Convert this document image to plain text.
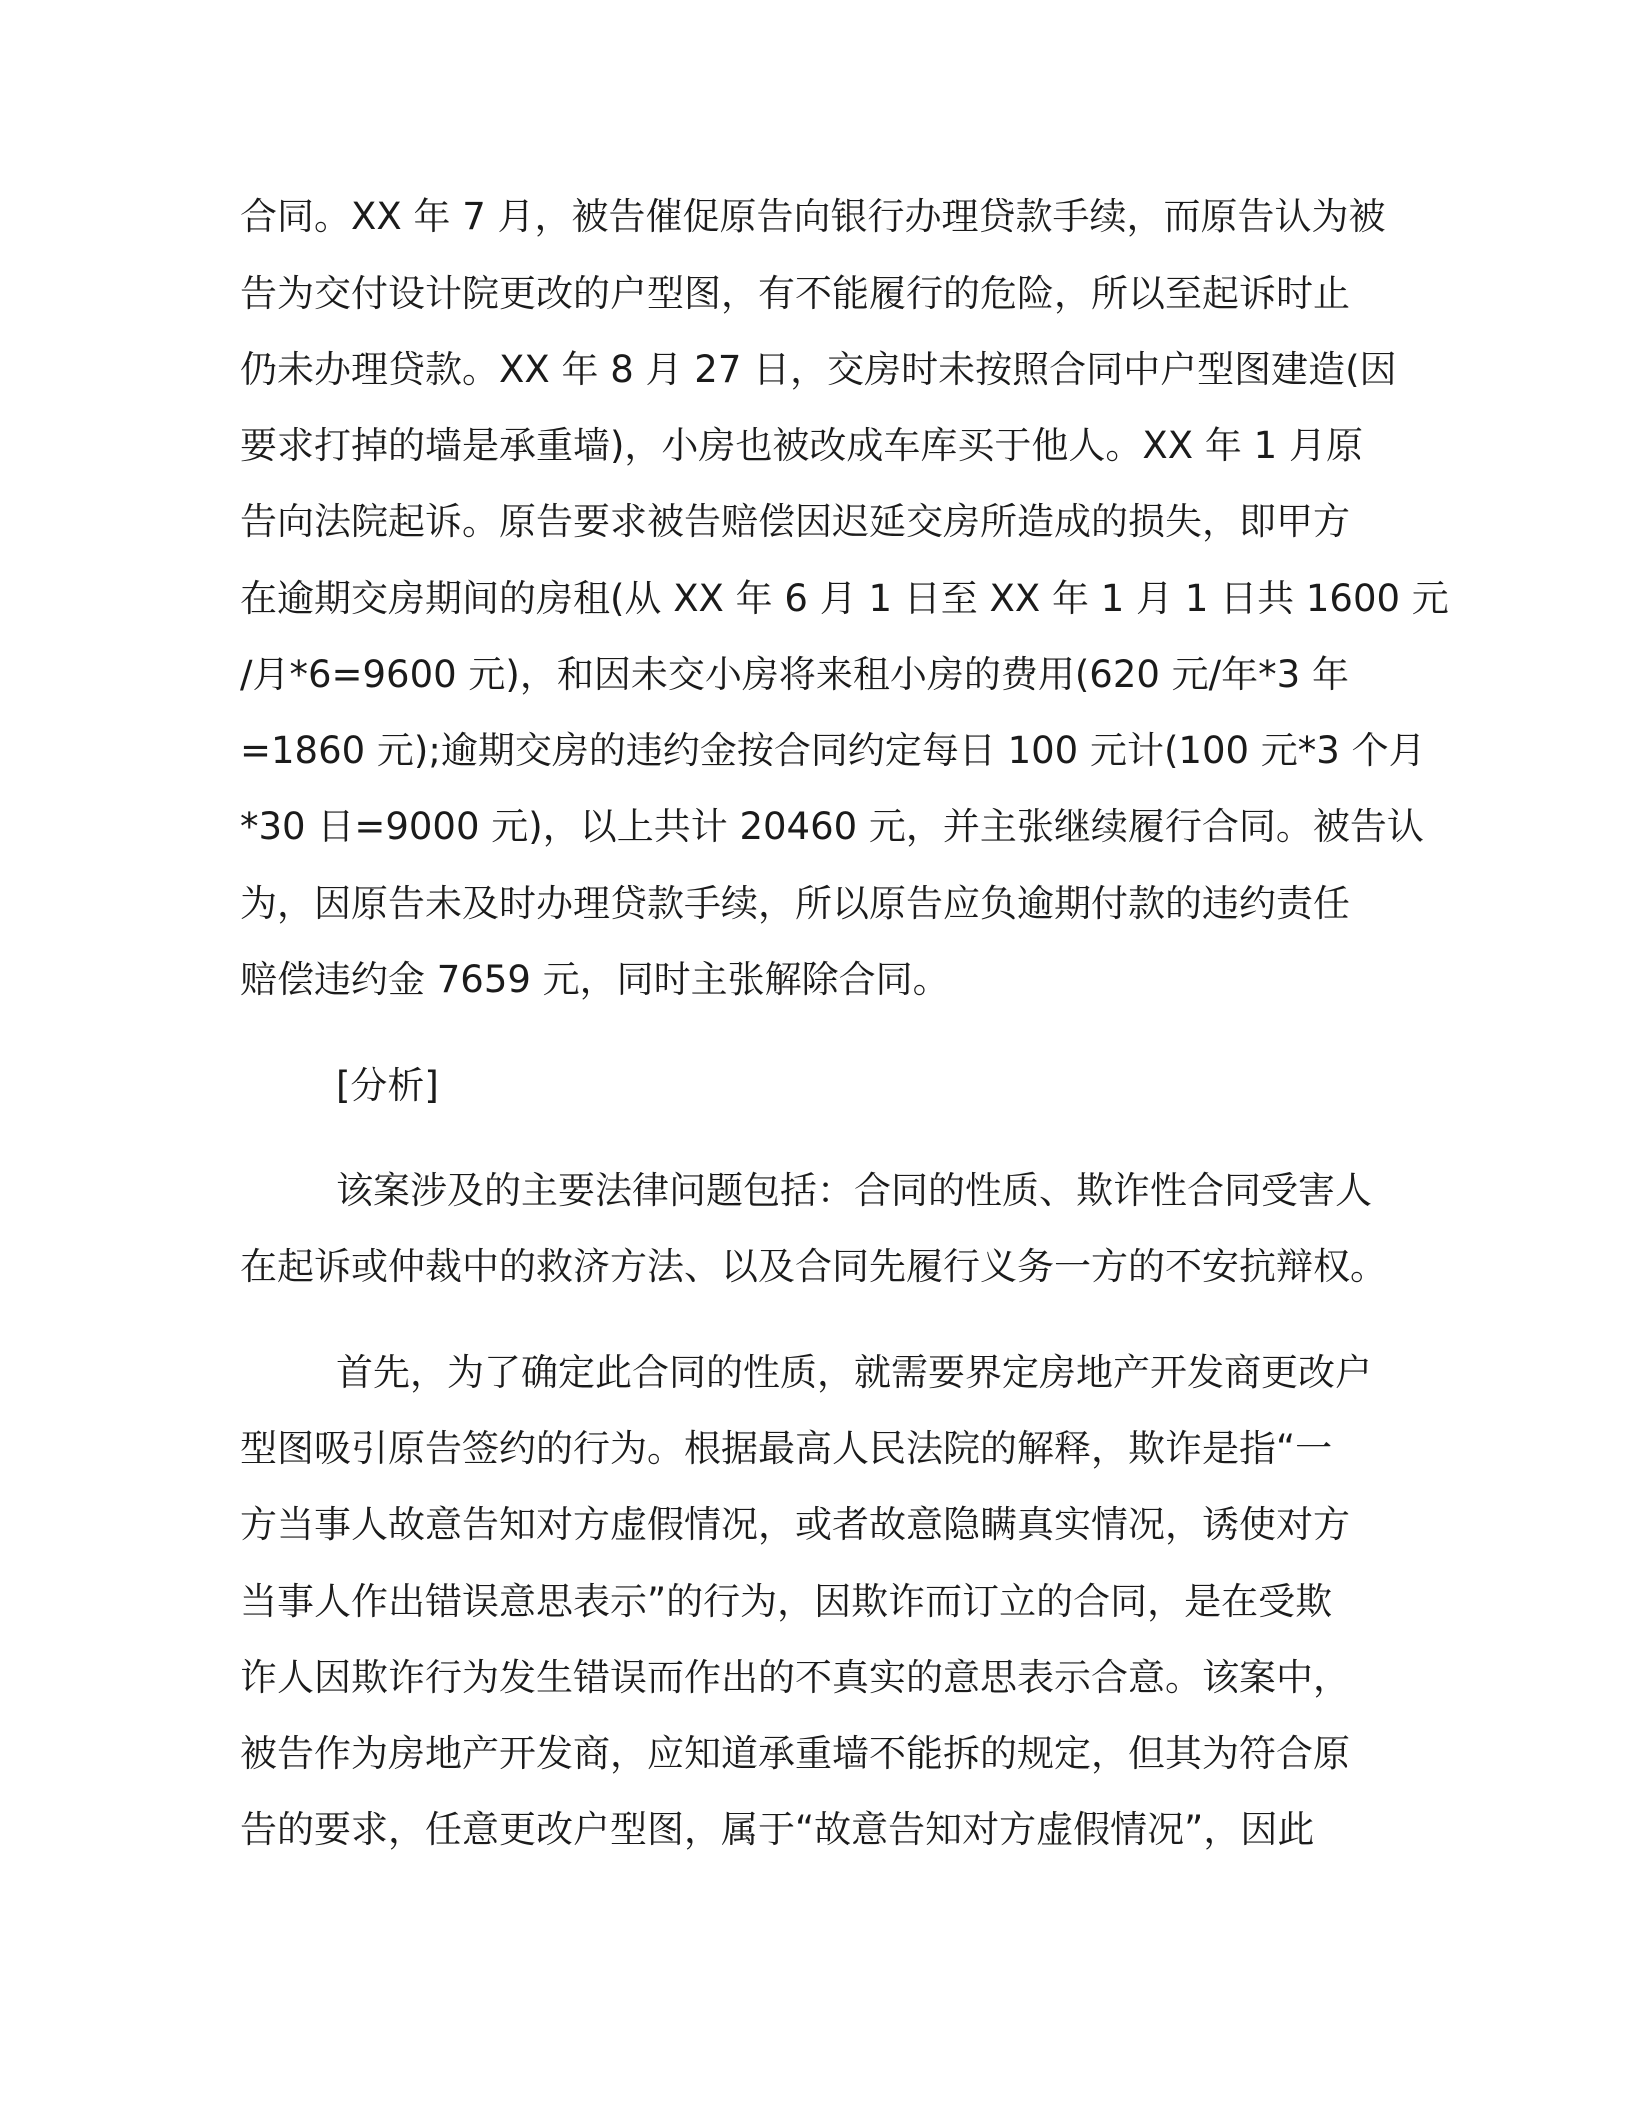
合同。XX 年 7 月，被告催促原告向银行办理贷款手续，而原告认为被

告为交付设计院更改的户型图，有不能履行的危险，所以至起诉时止

仍未办理贷款。XX 年 8 月 27 日，交房时未按照合同中户型图建造(因

要求打掉的墙是承重墙)，小房也被改成车库买于他人。XX 年 1 月原

告向法院起诉。原告要求被告赔偿因迟延交房所造成的损失，即甲方

在逾期交房期间的房租(从 XX 年 6 月 1 日至 XX 年 1 月 1 日共 1600 元

/月*6=9600 元)，和因未交小房将来租小房的费用(620 元/年*3 年

=1860 元);逾期交房的违约金按合同约定每日 100 元计(100 元*3 个月

*30 日=9000 元)，以上共计 20460 元，并主张继续履行合同。被告认

为，因原告未及时办理贷款手续，所以原告应负逾期付款的违约责任

赔偿违约金 7659 元，同时主张解除合同。

[分析]

该案涉及的主要法律问题包括：合同的性质、欺诈性合同受害人

在起诉或仲裁中的救济方法、以及合同先履行义务一方的不安抗辩权。

首先，为了确定此合同的性质，就需要界定房地产开发商更改户

型图吸引原告签约的行为。根据最高人民法院的解释，欺诈是指“一

方当事人故意告知对方虚假情况，或者故意隐瞒真实情况，诱使对方

当事人作出错误意思表示”的行为，因欺诈而订立的合同，是在受欺

诈人因欺诈行为发生错误而作出的不真实的意思表示合意。该案中，

被告作为房地产开发商，应知道承重墙不能拆的规定，但其为符合原

告的要求，任意更改户型图，属于“故意告知对方虚假情况”，因此
